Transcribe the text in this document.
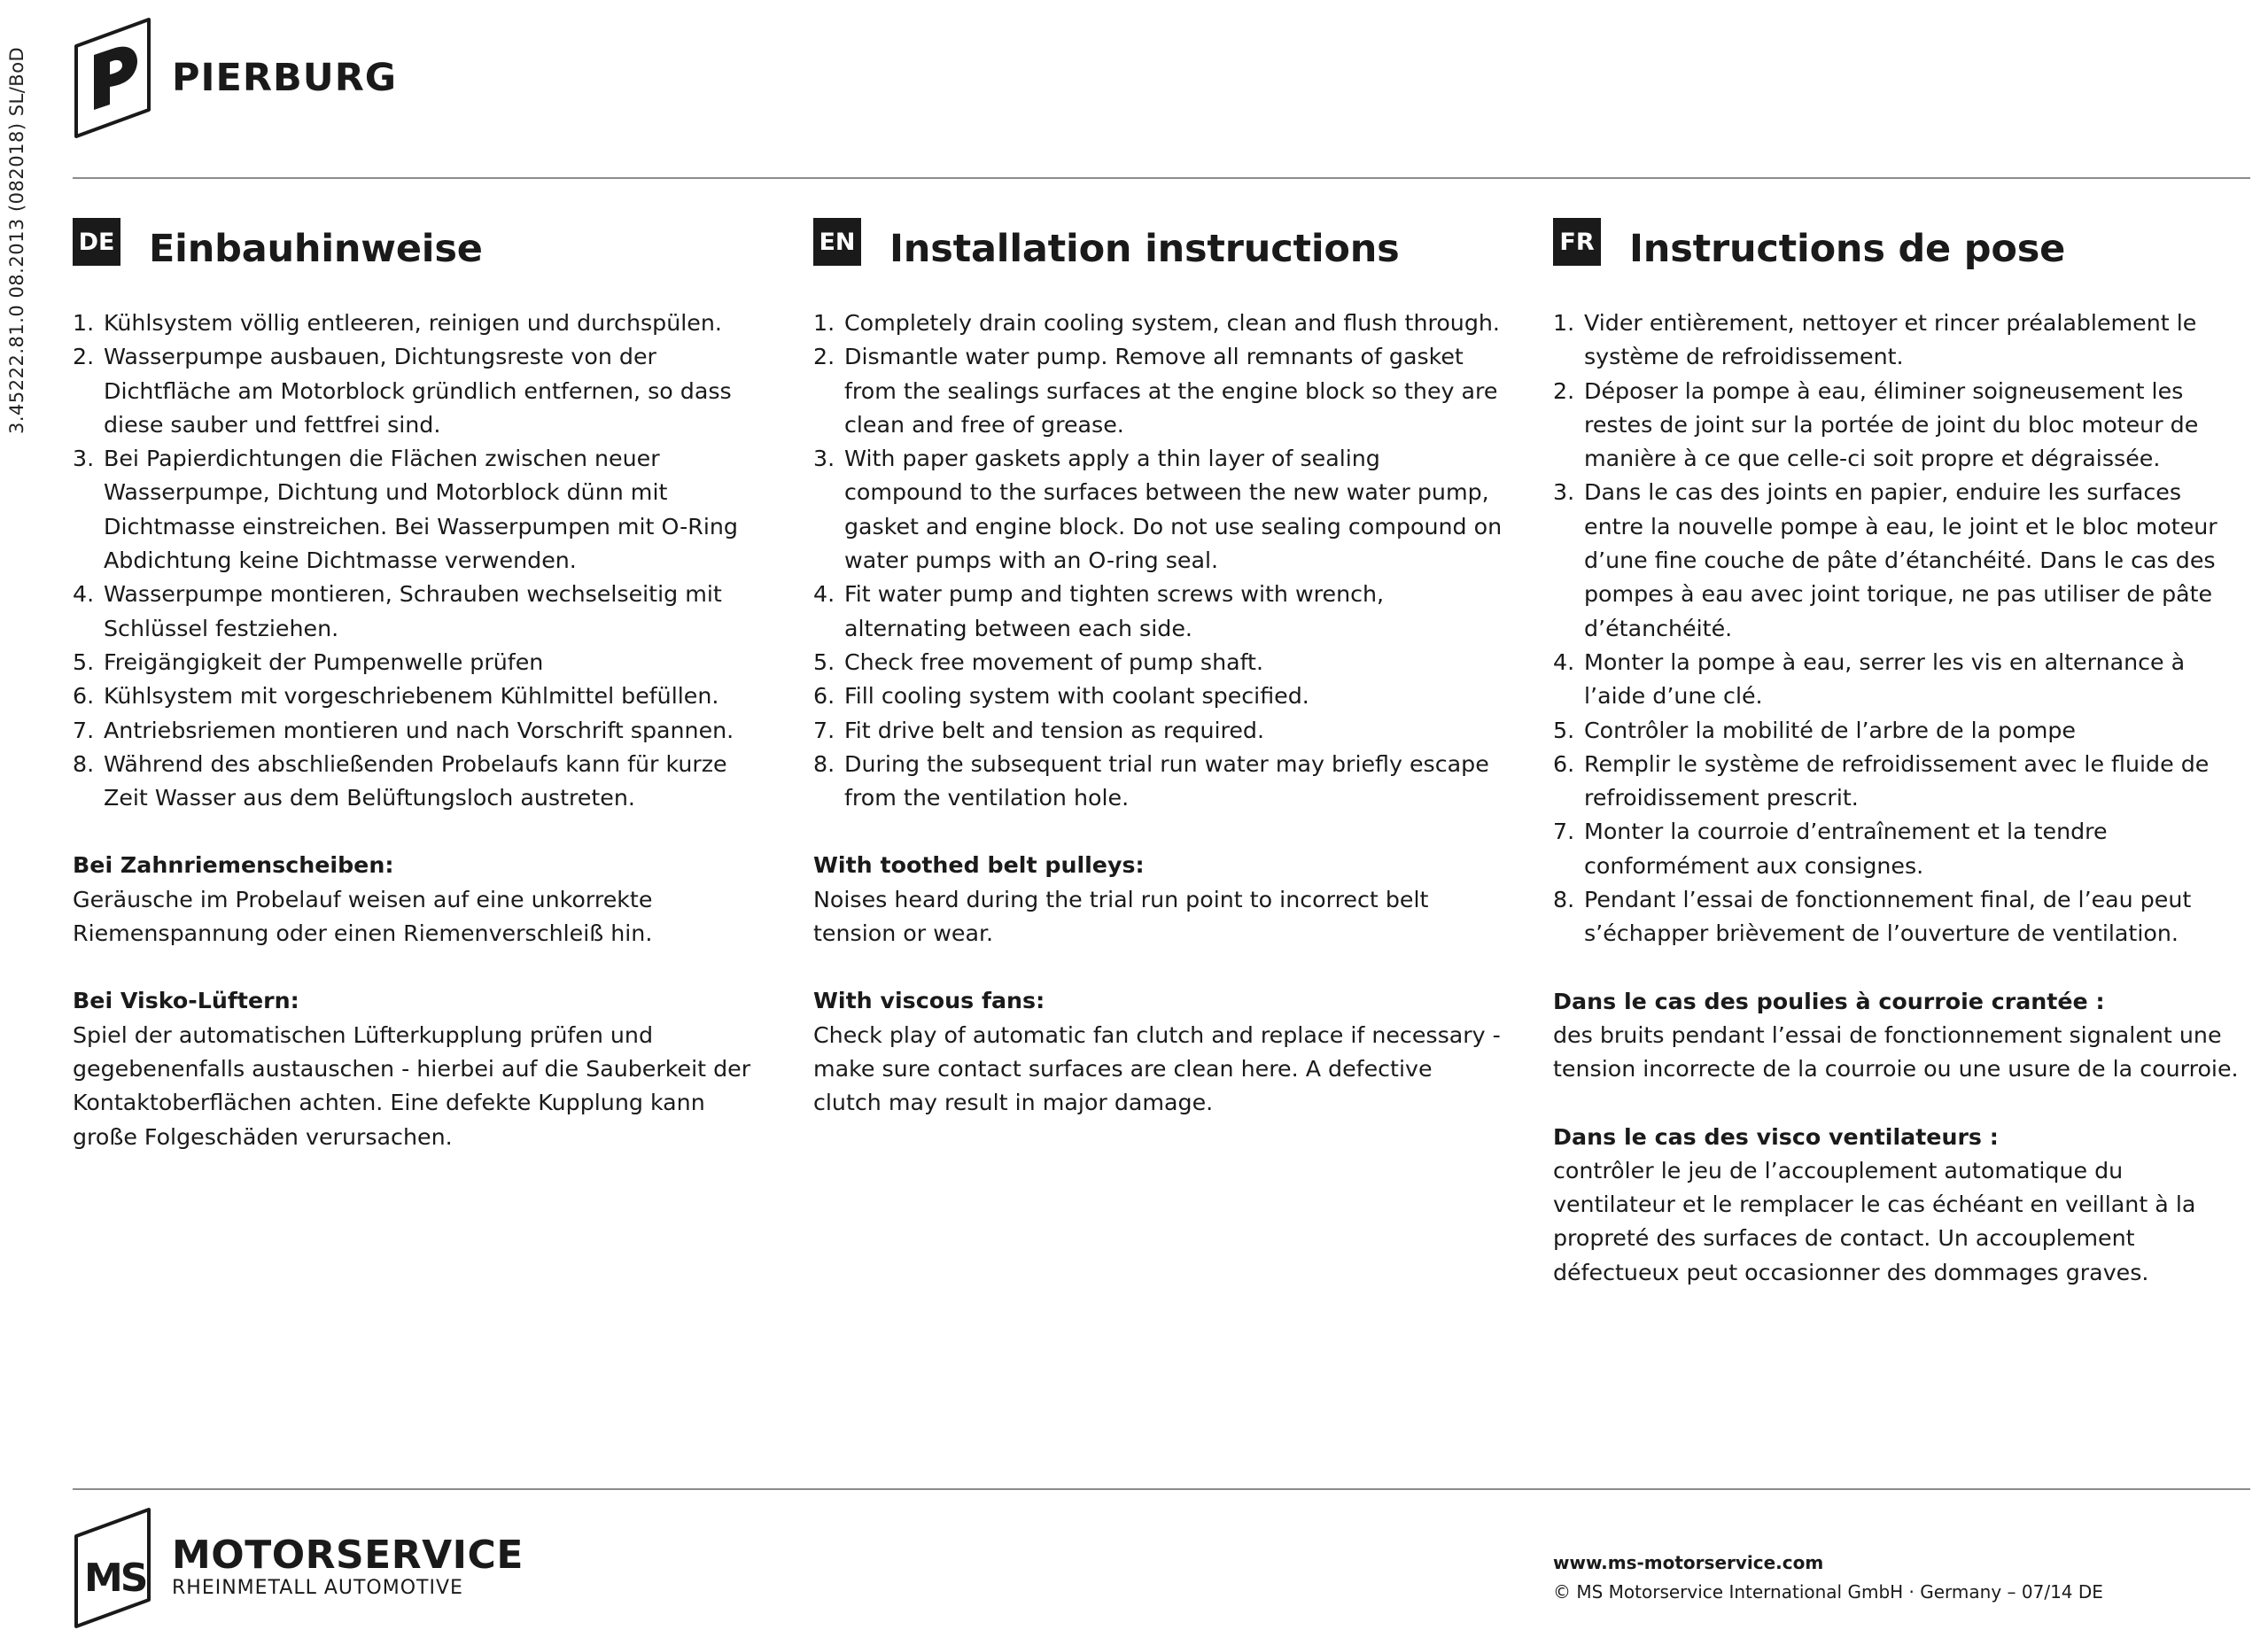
3.45222.81.0 08.2013 (082018) SL/BoD	PIERBURG
DE Einbauhinweise
1. Kühlsystem völlig entleeren, reinigen und durchspülen.
2. Wasserpumpe ausbauen, Dichtungsreste von der Dichtfläche am Motorblock gründlich entfernen, so dass diese sauber und fettfrei sind.
3. Bei Papierdichtungen die Flächen zwischen neuer Wasserpumpe, Dichtung und Motorblock dünn mit Dichtmasse einstreichen. Bei Wasserpumpen mit O-Ring Abdichtung keine Dichtmasse verwenden.
4. Wasserpumpe montieren, Schrauben wechselseitig mit Schlüssel festziehen.
5. Freigängigkeit der Pumpenwelle prüfen
6. Kühlsystem mit vorgeschriebenem Kühlmittel befüllen.
7. Antriebsriemen montieren und nach Vorschrift spannen.
8. Während des abschließenden Probelaufs kann für kurze Zeit Wasser aus dem Belüftungsloch austreten.
Bei Zahnriemenscheiben:
Geräusche im Probelauf weisen auf eine unkorrekte Riemenspannung oder einen Riemenverschleiß hin.
Bei Visko-Lüftern:
Spiel der automatischen Lüfterkupplung prüfen und gegebenenfalls austauschen - hierbei auf die Sauberkeit der Kontaktoberflächen achten. Eine defekte Kupplung kann große Folgeschäden verursachen.
EN Installation instructions
1. Completely drain cooling system, clean and flush through.
2. Dismantle water pump. Remove all remnants of gasket from the sealings surfaces at the engine block so they are clean and free of grease.
3. With paper gaskets apply a thin layer of sealing compound to the surfaces between the new water pump, gasket and engine block. Do not use sealing compound on water pumps with an O-ring seal.
4. Fit water pump and tighten screws with wrench, alternating between each side.
5. Check free movement of pump shaft.
6. Fill cooling system with coolant specified.
7. Fit drive belt and tension as required.
8. During the subsequent trial run water may briefly escape from the ventilation hole.
With toothed belt pulleys:
Noises heard during the trial run point to incorrect belt tension or wear.
With viscous fans:
Check play of automatic fan clutch and replace if necessary - make sure contact surfaces are clean here. A defective clutch may result in major damage.
FR Instructions de pose
1. Vider entièrement, nettoyer et rincer préalablement le système de refroidissement.
2. Déposer la pompe à eau, éliminer soigneusement les restes de joint sur la portée de joint du bloc moteur de manière à ce que celle-ci soit propre et dégraissée.
3. Dans le cas des joints en papier, enduire les surfaces entre la nouvelle pompe à eau, le joint et le bloc moteur d’une fine couche de pâte d’étanchéité. Dans le cas des pompes à eau avec joint torique, ne pas utiliser de pâte d’étanchéité.
4. Monter la pompe à eau, serrer les vis en alternance à l’aide d’une clé.
5. Contrôler la mobilité de l’arbre de la pompe
6. Remplir le système de refroidissement avec le fluide de refroidissement prescrit.
7. Monter la courroie d’entraînement et la tendre conformément aux consignes.
8. Pendant l’essai de fonctionnement final, de l’eau peut s’échapper brièvement de l’ouverture de ventilation.
Dans le cas des poulies à courroie crantée :
des bruits pendant l’essai de fonctionnement signalent une tension incorrecte de la courroie ou une usure de la courroie.
Dans le cas des visco ventilateurs :
contrôler le jeu de l’accouplement automatique du ventilateur et le remplacer le cas échéant en veillant à la propreté des surfaces de contact. Un accouplement défectueux peut occasionner des dommages graves.
MS
MOTORSERVICE
RHEINMETALL AUTOMOTIVE
www.ms-motorservice.com
© MS Motorservice International GmbH · Germany – 07/14 DE
